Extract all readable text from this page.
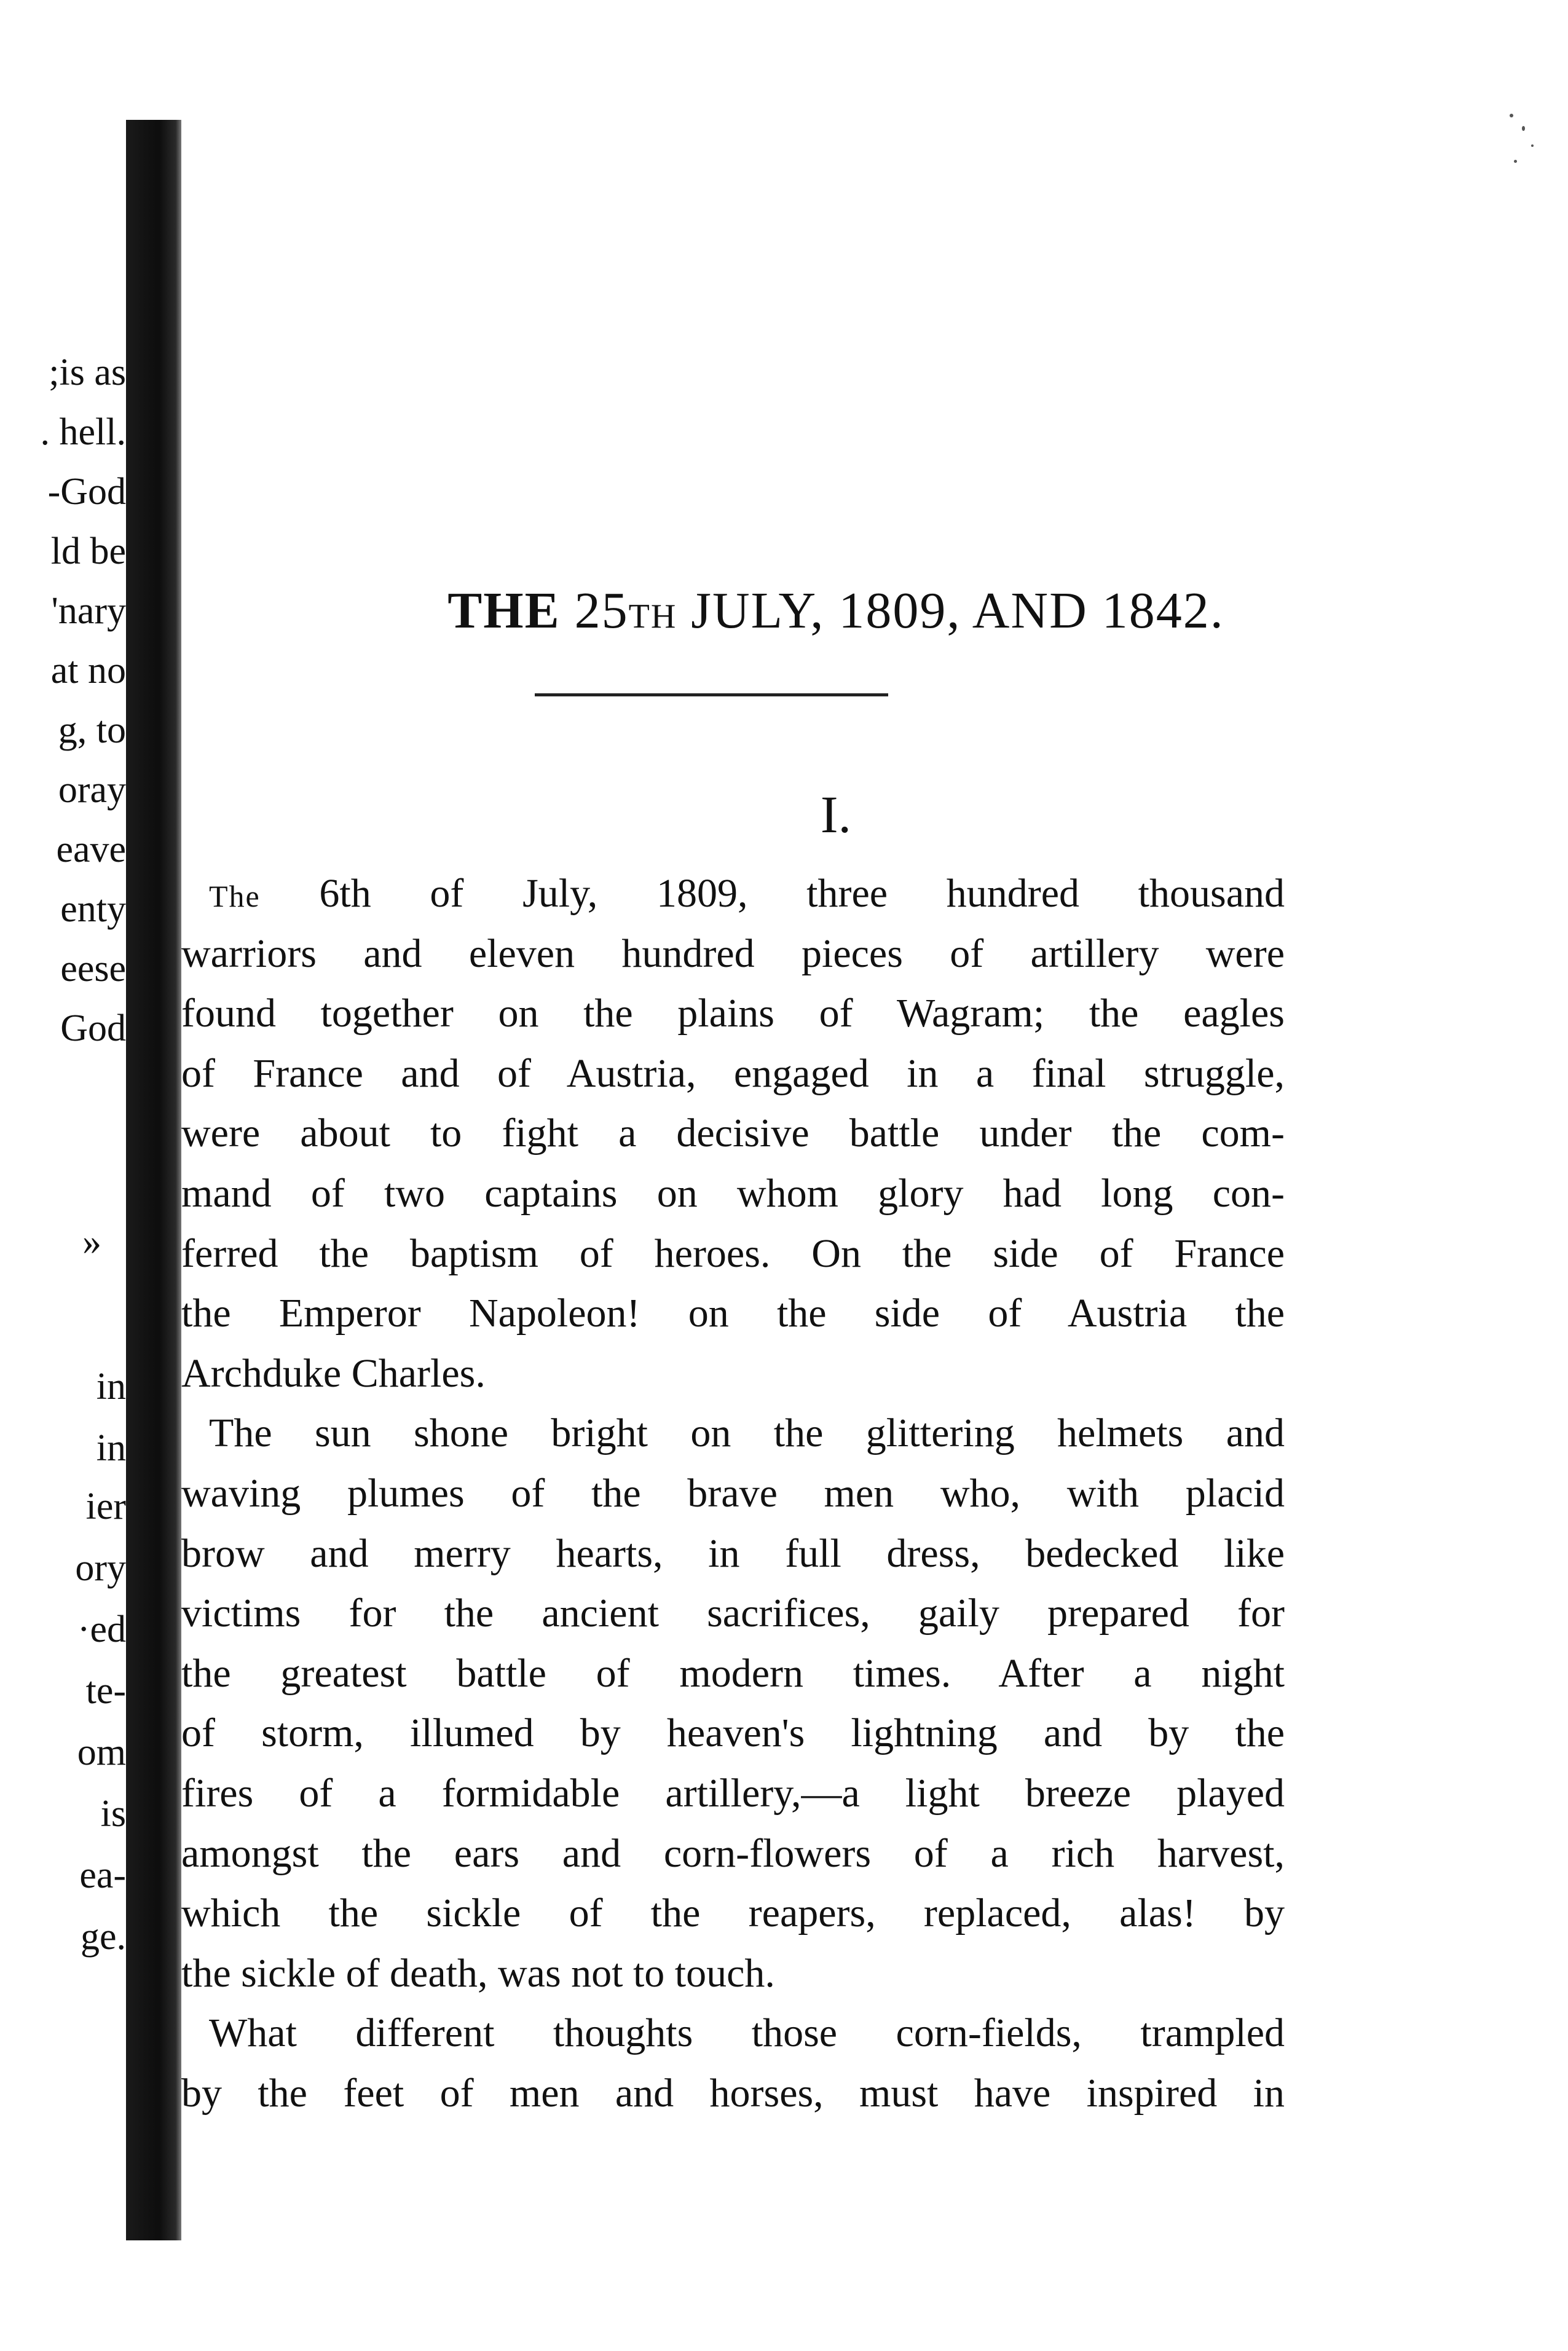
;is as
. hell.
-God
ld be
'nary
at no
g, to
oray
eave
enty
eese
God
»
in
in
ier
ory
·ed
te-
om
is
ea-
ge.
THE 25TH JULY, 1809, AND 1842.
I.
The 6th of July, 1809, three hundred thousand
warriors and eleven hundred pieces of artillery were
found together on the plains of Wagram; the eagles
of France and of Austria, engaged in a final struggle,
were about to fight a decisive battle under the com-
mand of two captains on whom glory had long con-
ferred the baptism of heroes. On the side of France
the Emperor Napoleon! on the side of Austria the
Archduke Charles.
The sun shone bright on the glittering helmets and
waving plumes of the brave men who, with placid
brow and merry hearts, in full dress, bedecked like
victims for the ancient sacrifices, gaily prepared for
the greatest battle of modern times. After a night
of storm, illumed by heaven's lightning and by the
fires of a formidable artillery,—a light breeze played
amongst the ears and corn-flowers of a rich harvest,
which the sickle of the reapers, replaced, alas! by
the sickle of death, was not to touch.
What different thoughts those corn-fields, trampled
by the feet of men and horses, must have inspired in
